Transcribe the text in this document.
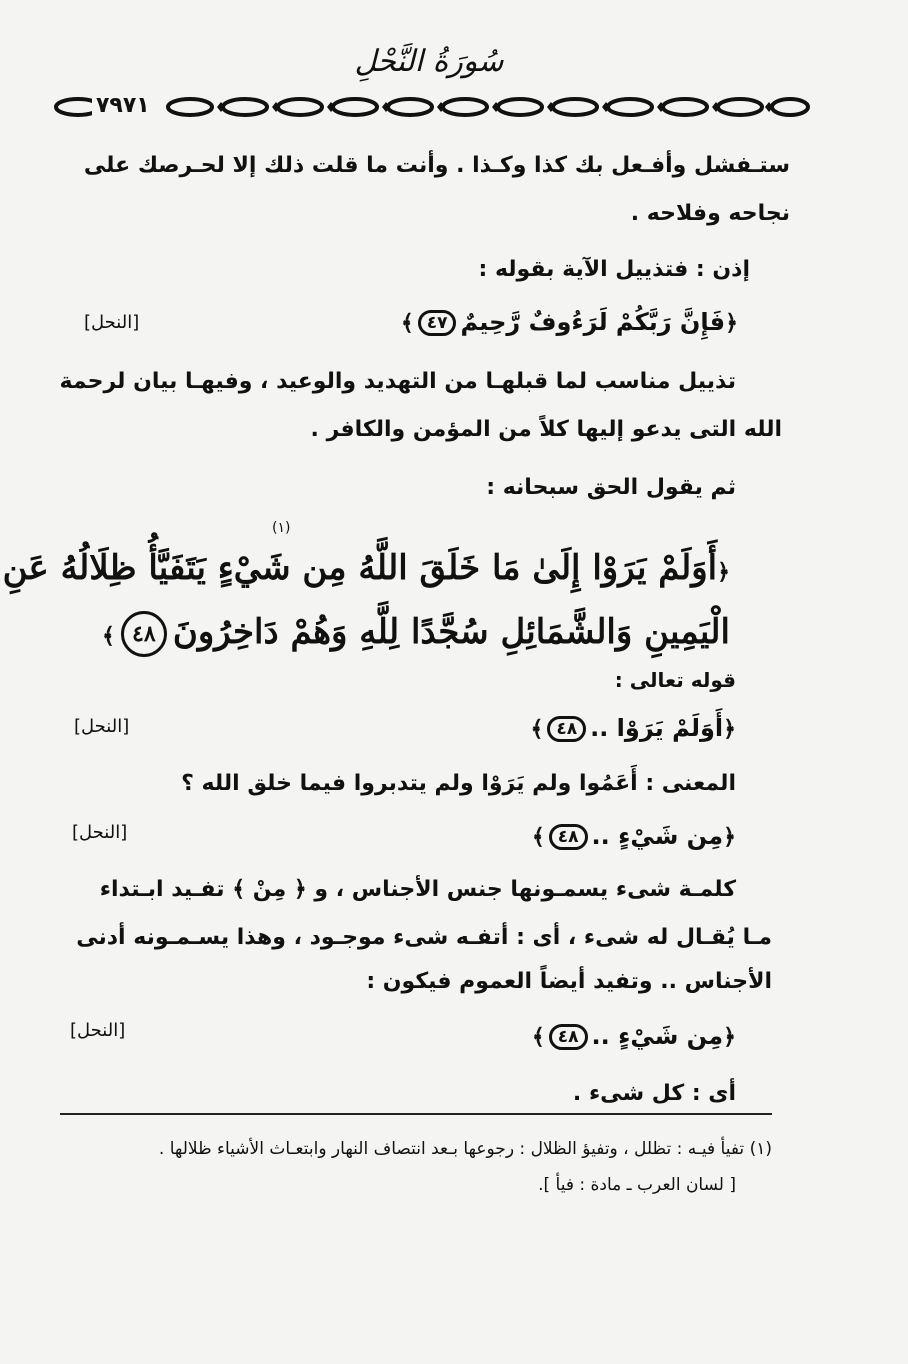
سُورَةُ النَّحْلِ
٧٩٧١
ستـفشل وأفـعل بك كذا وكـذا . وأنت ما قلت ذلك إلا لحـرصك على
نجاحه وفلاحه .
إذن : فتذييل الآية بقوله :
﴿فَإِنَّ رَبَّكُمْ لَرَءُوفٌ رَّحِيمٌ٤٧﴾
[النحل]
تذييل مناسب لما قبلهـا من التهديد والوعيد ، وفيهـا بيان لرحمة
الله التى يدعو إليها كلاً من المؤمن والكافر .
ثم يقول الحق سبحانه :
(١)
﴿أَوَلَمْ يَرَوْا إِلَىٰ مَا خَلَقَ اللَّهُ مِن شَيْءٍ يَتَفَيَّأُ ظِلَالُهُ عَنِ
الْيَمِينِ وَالشَّمَائِلِ سُجَّدًا لِلَّهِ وَهُمْ دَاخِرُونَ٤٨﴾
قوله تعالى :
﴿أَوَلَمْ يَرَوْا ..٤٨﴾
[النحل]
المعنى : أَعَمُوا ولم يَرَوْا ولم يتدبروا فيما خلق الله ؟
﴿مِن شَيْءٍ ..٤٨﴾
[النحل]
كلمـة شىء يسمـونها جنس الأجناس ، و ﴿ مِنْ ﴾ تفـيد ابـتداء
مـا يُقـال له شىء ، أى : أتفـه شىء موجـود ، وهذا يسـمـونه أدنى
الأجناس .. وتفيد أيضاً العموم فيكون :
﴿مِن شَيْءٍ ..٤٨﴾
[النحل]
أى : كل شىء .
(١) تفيأ فيـه : تظلل ، وتفيؤ الظلال : رجوعها بـعد انتصاف النهار وابتعـاث الأشياء ظلالها .
[ لسان العرب ـ مادة : فيأ ].
